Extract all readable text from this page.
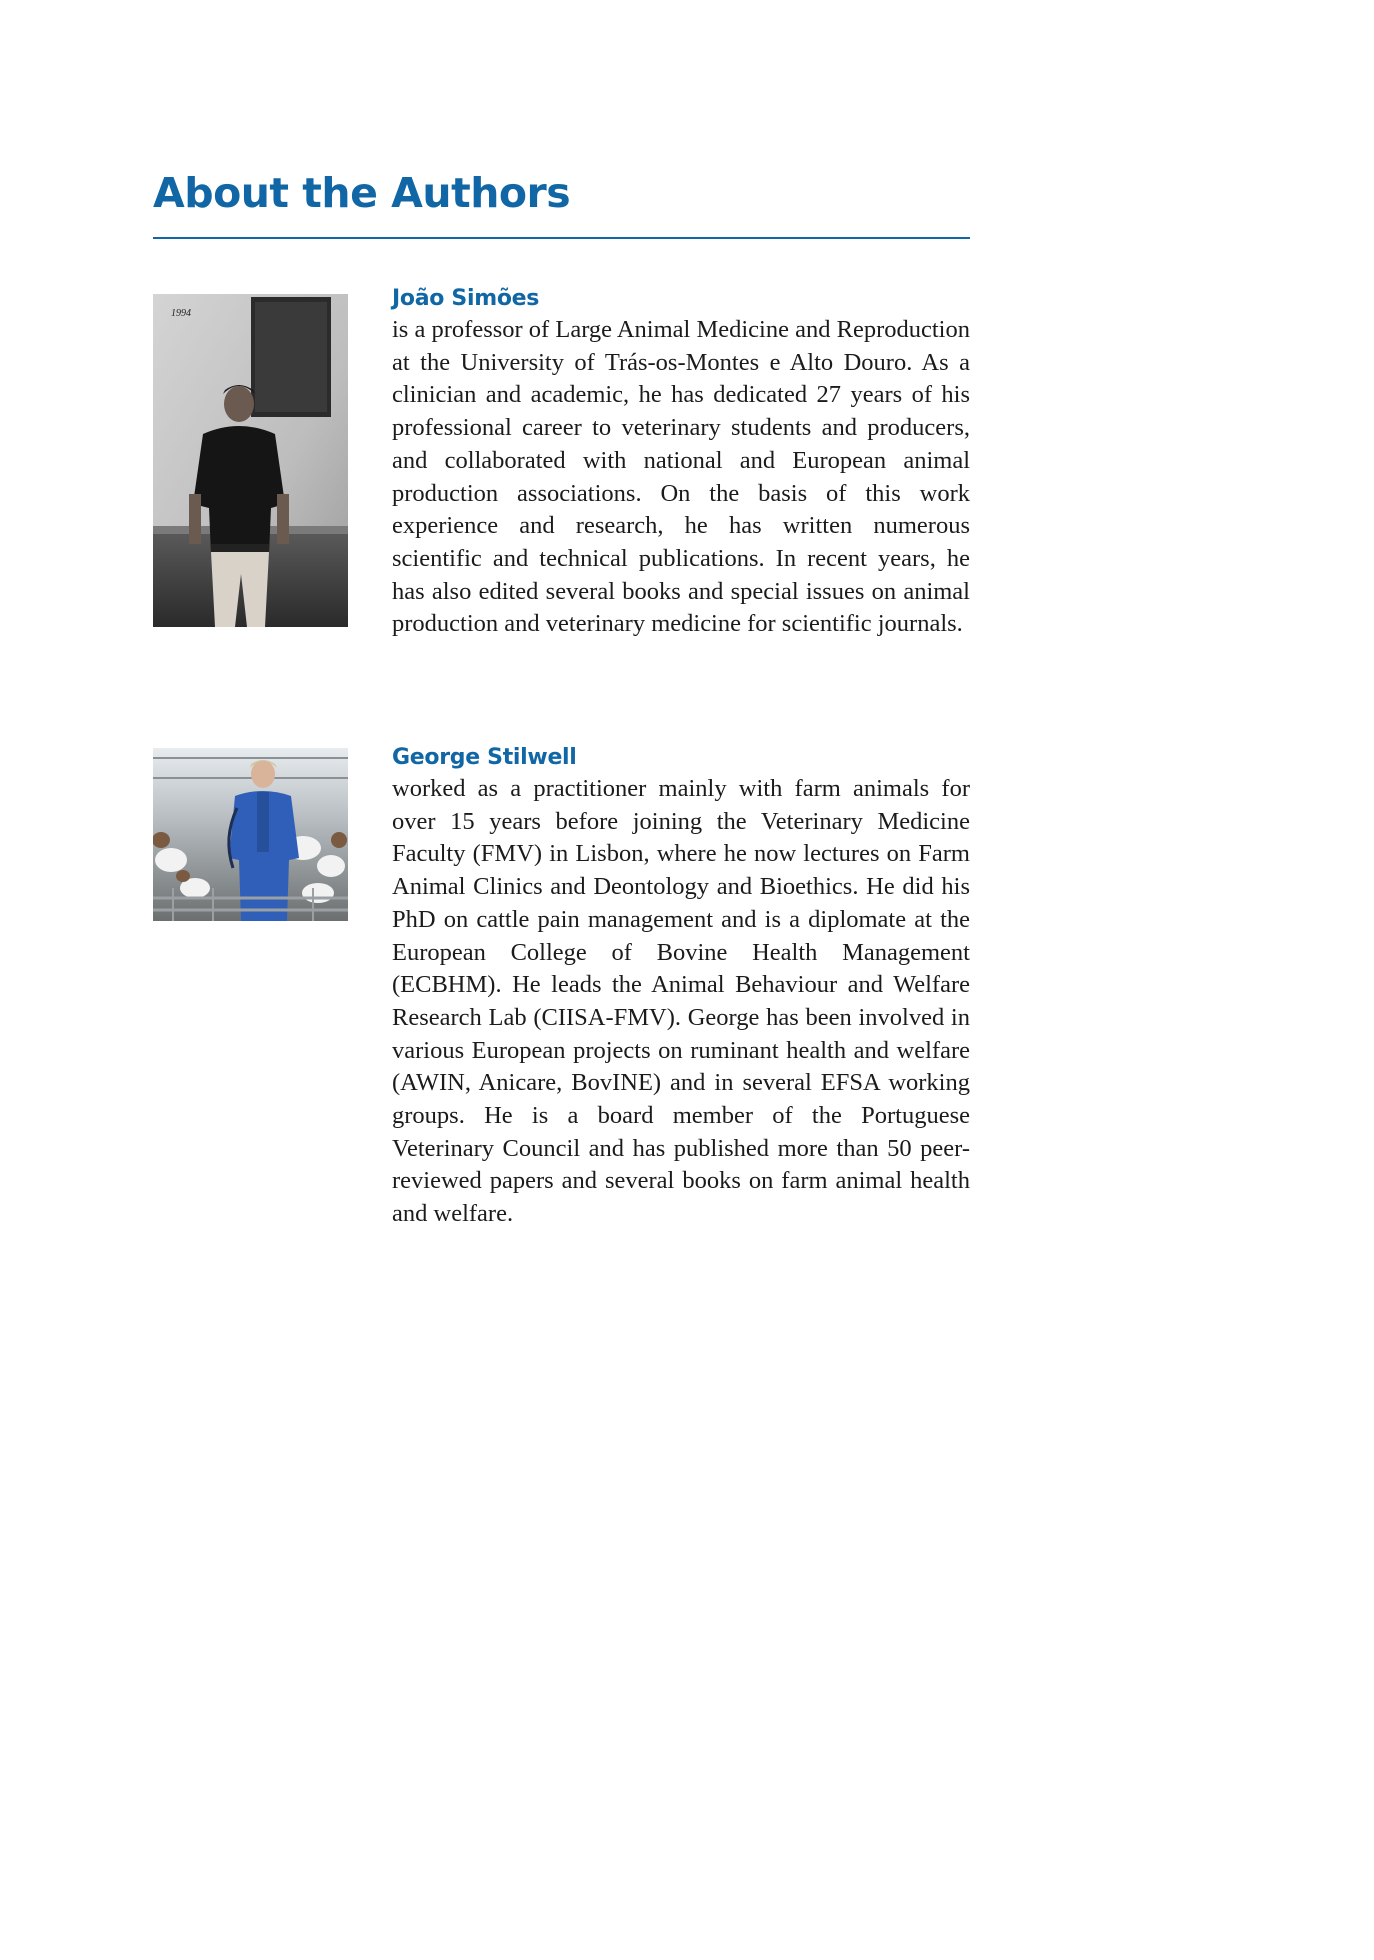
About the Authors
1994
João Simões

is a professor of Large Animal Medicine and Reproduction at the University of Trás-os-Montes e Alto Douro. As a clinician and academic, he has dedicated 27 years of his professional career to veterinary students and producers, and collaborated with national and European animal production associations. On the basis of this work experience and research, he has written numerous scientific and technical publications. In recent years, he has also edited several books and special issues on animal production and veterinary medicine for scientific journals.

George Stilwell

worked as a practitioner mainly with farm animals for over 15 years before joining the Veterinary Medicine Faculty (FMV) in Lisbon, where he now lectures on Farm Animal Clinics and Deontology and Bioethics. He did his PhD on cattle pain management and is a diplomate at the European College of Bovine Health Management (ECBHM). He leads the Animal Behaviour and Welfare Research Lab (CIISA-FMV). George has been involved in various European projects on ruminant health and welfare (AWIN, Anicare, BovINE) and in several EFSA working groups. He is a board member of the Portuguese Veterinary Council and has published more than 50 peer-reviewed papers and several books on farm animal health and welfare.
